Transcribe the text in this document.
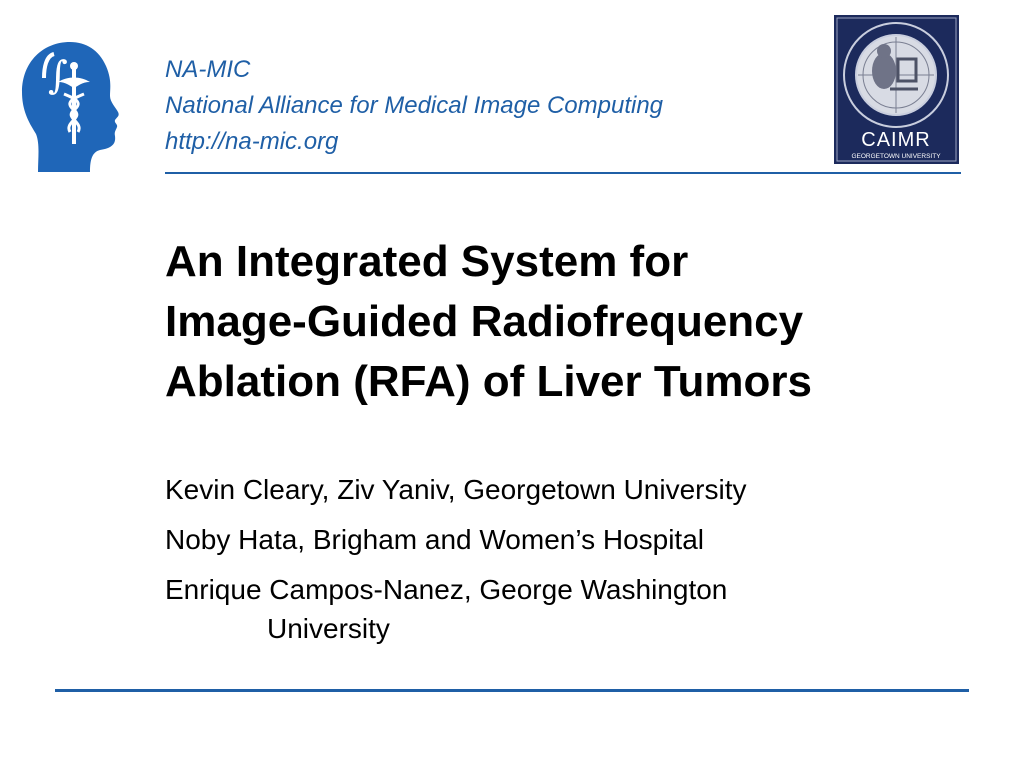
∫	NA-MIC
National Alliance for Medical Image Computing
http://na-mic.org	CAIMR
GEORGETOWN UNIVERSITY
An Integrated System for
Image-Guided Radiofrequency
Ablation (RFA) of Liver Tumors
Kevin Cleary, Ziv Yaniv, Georgetown University
Noby Hata, Brigham and Women’s Hospital
Enrique Campos-Nanez, George Washington
University
